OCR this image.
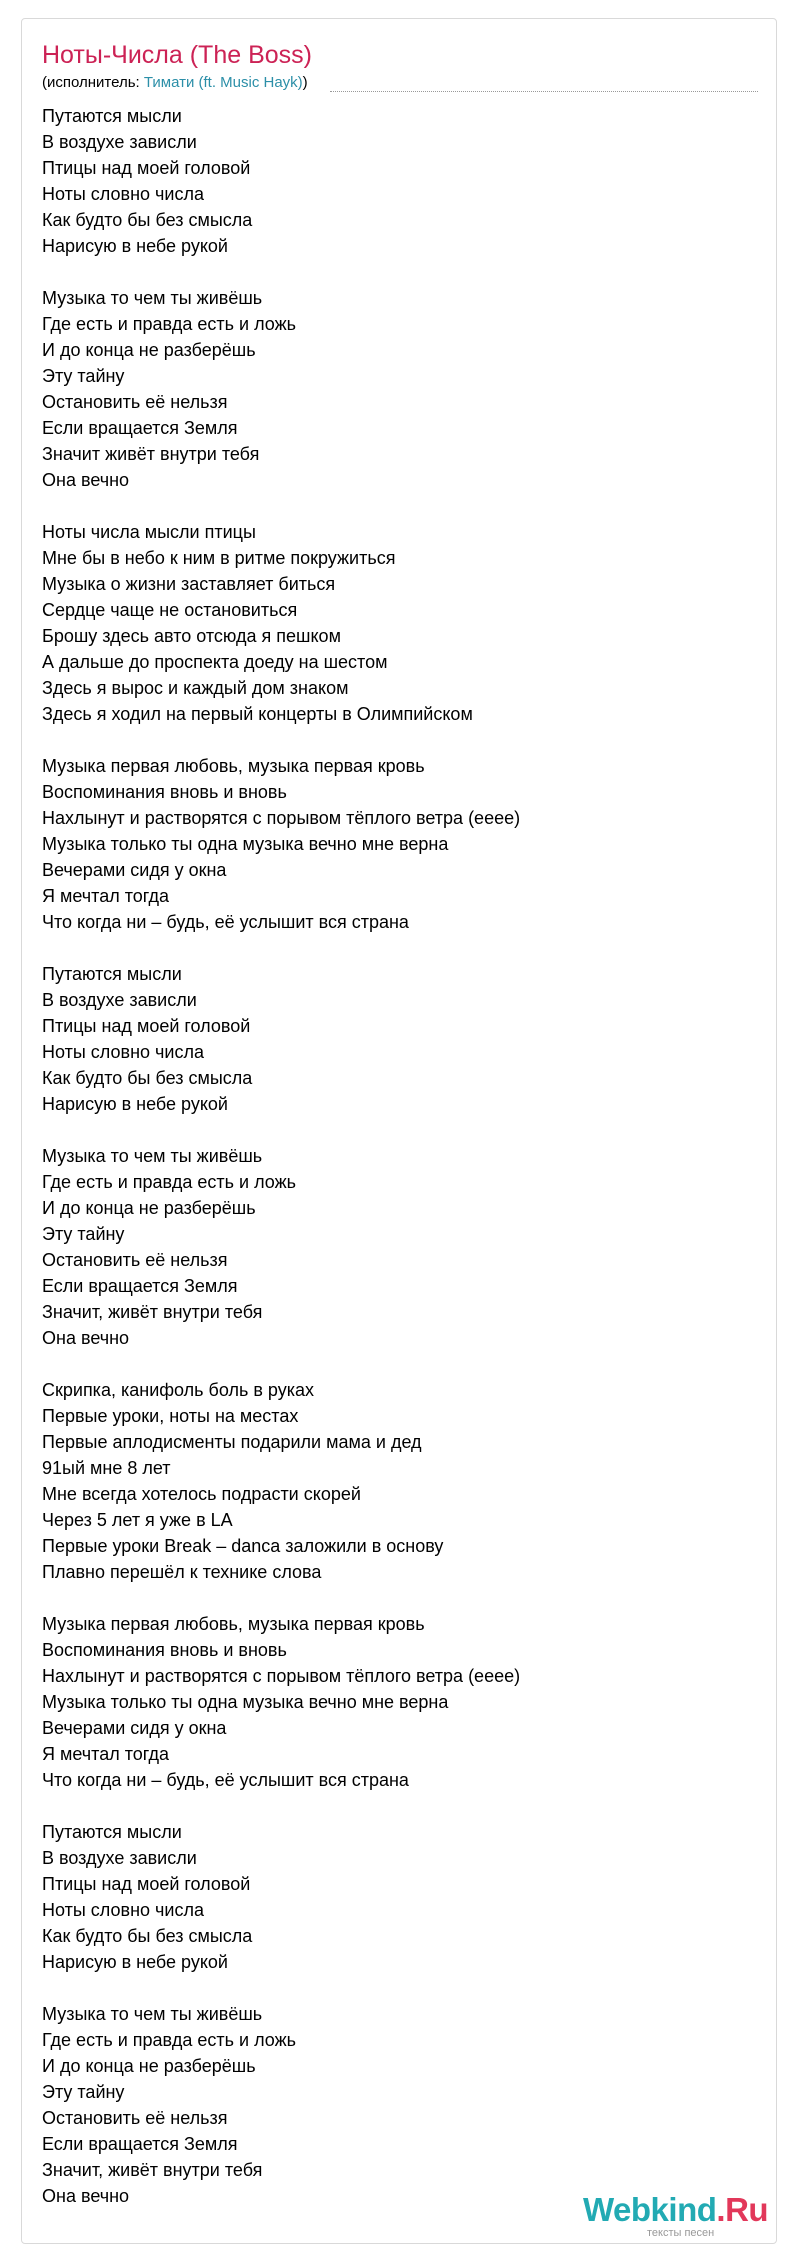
Ноты-Числа (The Boss)
(исполнитель: Тимати (ft. Music Hayk))
Путаются мысли
В воздухе зависли
Птицы над моей головой
Ноты словно числа
Как будто бы без смысла
Нарисую в небе рукой
Музыка то чем ты живёшь
Где есть и правда есть и ложь
И до конца не разберёшь
Эту тайну
Остановить её нельзя
Если вращается Земля
Значит живёт внутри тебя
Она вечно
Ноты числа мысли птицы
Мне бы в небо к ним в ритме покружиться
Музыка о жизни заставляет биться
Сердце чаще не остановиться
Брошу здесь авто отсюда я пешком
А дальше до проспекта доеду на шестом
Здесь я вырос и каждый дом знаком
Здесь я ходил на первый концерты в Олимпийском
Музыка первая любовь, музыка первая кровь
Воспоминания вновь и вновь
Нахлынут и растворятся с порывом тёплого ветра (ееее)
Музыка только ты одна музыка вечно мне верна
Вечерами сидя у окна
Я мечтал тогда
Что когда ни – будь, её услышит вся страна
Путаются мысли
В воздухе зависли
Птицы над моей головой
Ноты словно числа
Как будто бы без смысла
Нарисую в небе рукой
Музыка то чем ты живёшь
Где есть и правда есть и ложь
И до конца не разберёшь
Эту тайну
Остановить её нельзя
Если вращается Земля
Значит, живёт внутри тебя
Она вечно
Скрипка, канифоль боль в руках
Первые уроки, ноты на местах
Первые аплодисменты подарили мама и дед
91ый мне 8 лет
Мне всегда хотелось подрасти скорей
Через 5 лет я уже в LA
Первые уроки Break – danca заложили в основу
Плавно перешёл к технике слова
Музыка первая любовь, музыка первая кровь
Воспоминания вновь и вновь
Нахлынут и растворятся с порывом тёплого ветра (ееее)
Музыка только ты одна музыка вечно мне верна
Вечерами сидя у окна
Я мечтал тогда
Что когда ни – будь, её услышит вся страна
Путаются мысли
В воздухе зависли
Птицы над моей головой
Ноты словно числа
Как будто бы без смысла
Нарисую в небе рукой
Музыка то чем ты живёшь
Где есть и правда есть и ложь
И до конца не разберёшь
Эту тайну
Остановить её нельзя
Если вращается Земля
Значит, живёт внутри тебя
Она вечно	Webkind.Ru
тексты песен
